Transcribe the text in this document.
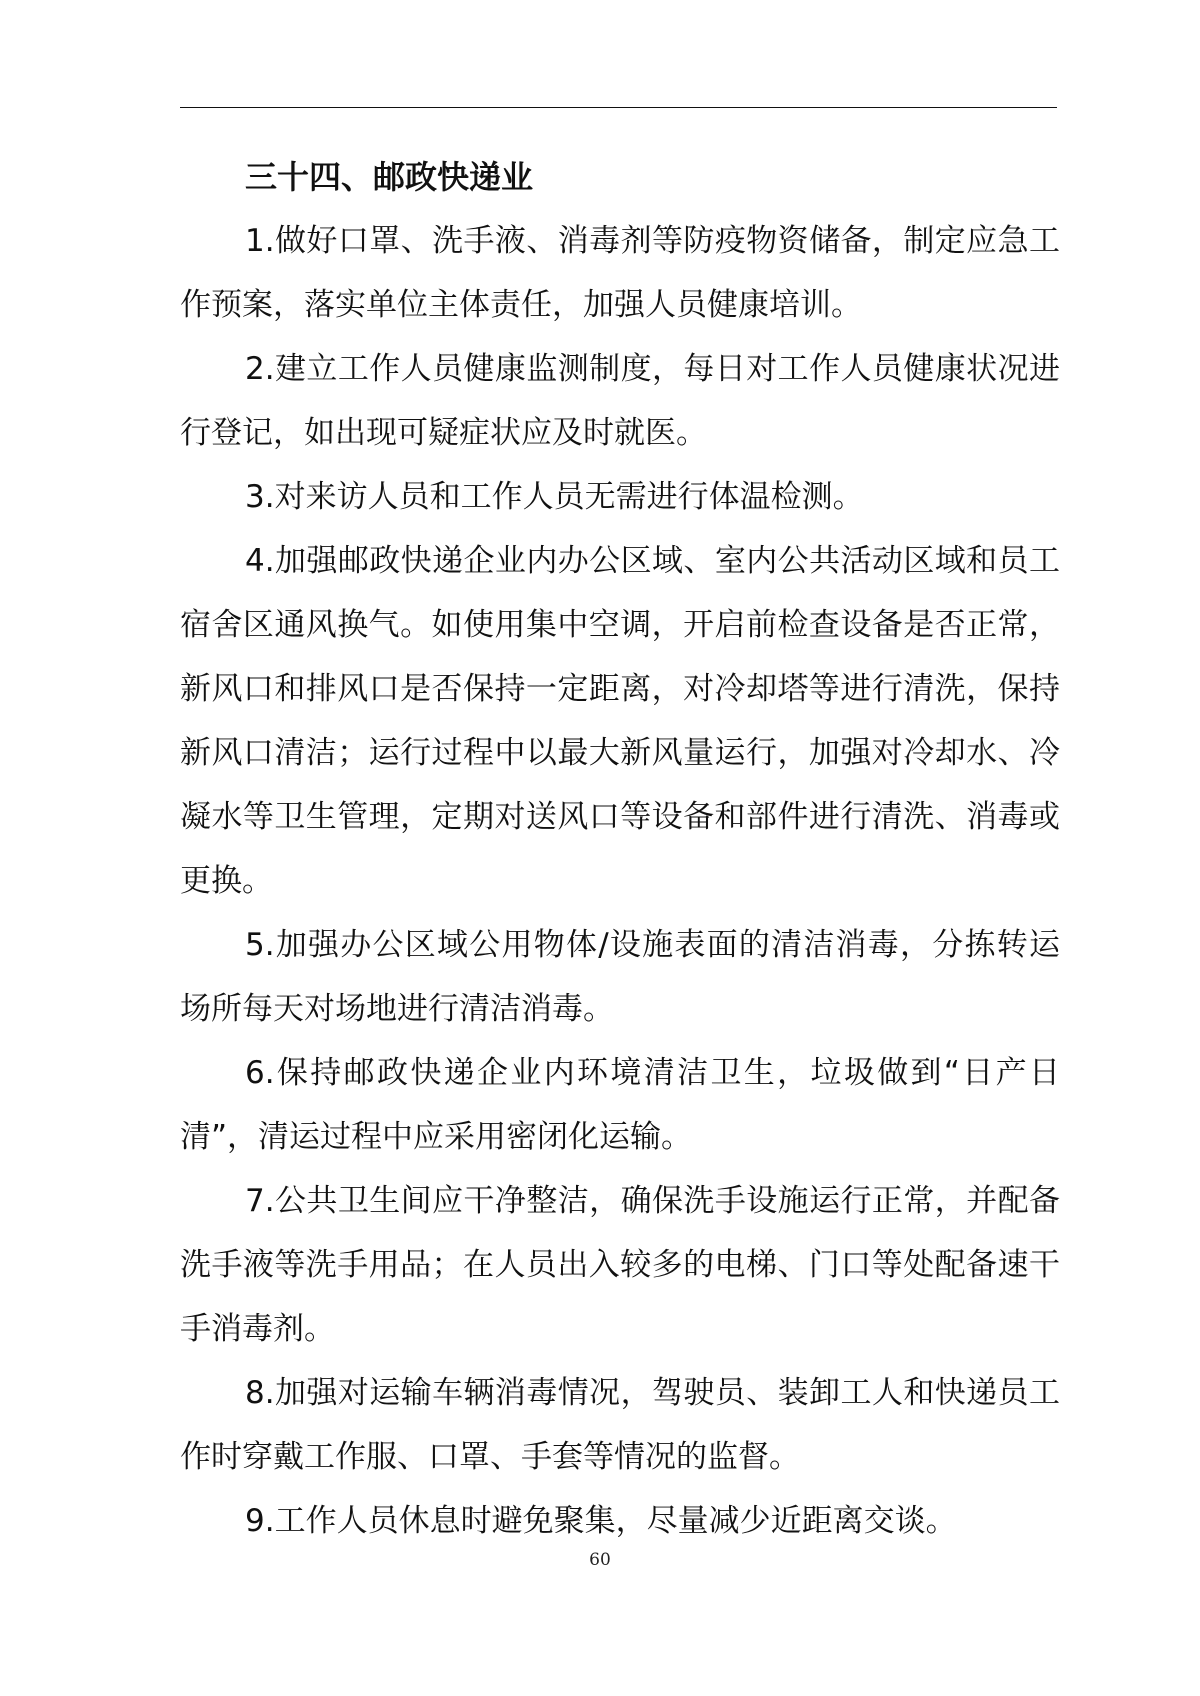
三十四、邮政快递业

1.做好口罩、洗手液、消毒剂等防疫物资储备，制定应急工作预案，落实单位主体责任，加强人员健康培训。

2.建立工作人员健康监测制度，每日对工作人员健康状况进行登记，如出现可疑症状应及时就医。

3.对来访人员和工作人员无需进行体温检测。

4.加强邮政快递企业内办公区域、室内公共活动区域和员工宿舍区通风换气。如使用集中空调，开启前检查设备是否正常，新风口和排风口是否保持一定距离，对冷却塔等进行清洗，保持新风口清洁；运行过程中以最大新风量运行，加强对冷却水、冷凝水等卫生管理，定期对送风口等设备和部件进行清洗、消毒或更换。

5.加强办公区域公用物体/设施表面的清洁消毒，分拣转运场所每天对场地进行清洁消毒。

6.保持邮政快递企业内环境清洁卫生，垃圾做到“日产日清”，清运过程中应采用密闭化运输。

7.公共卫生间应干净整洁，确保洗手设施运行正常，并配备洗手液等洗手用品；在人员出入较多的电梯、门口等处配备速干手消毒剂。

8.加强对运输车辆消毒情况，驾驶员、装卸工人和快递员工作时穿戴工作服、口罩、手套等情况的监督。

9.工作人员休息时避免聚集，尽量减少近距离交谈。

60
